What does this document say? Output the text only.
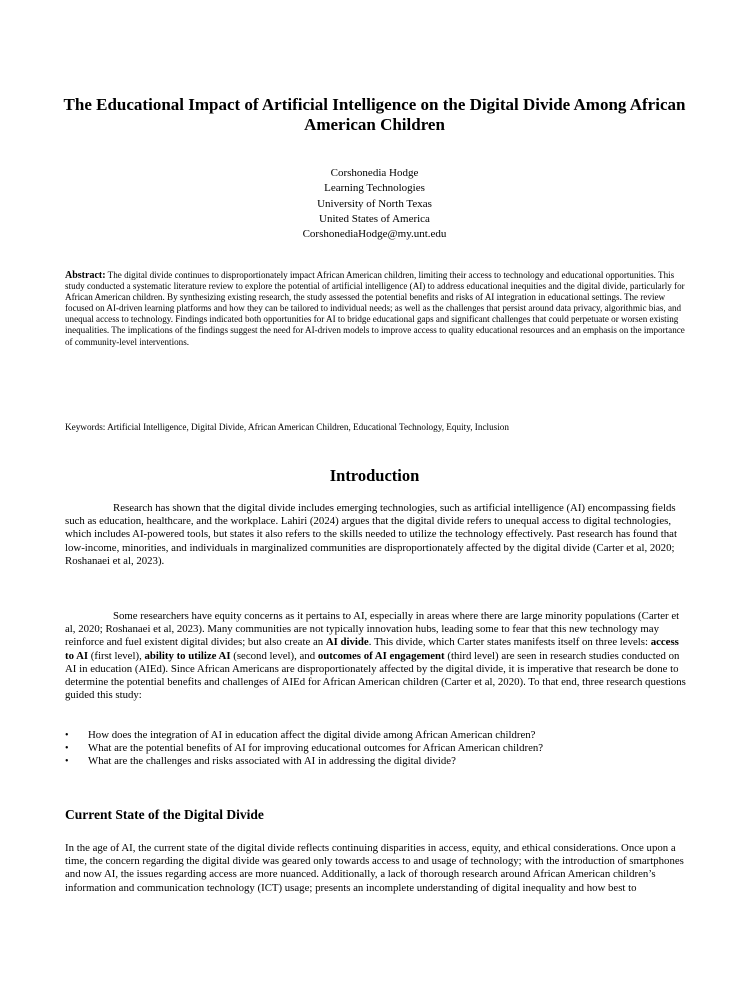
The Educational Impact of Artificial Intelligence on the Digital Divide Among African American Children
Corshonedia Hodge
Learning Technologies
University of North Texas
United States of America
CorshonediaHodge@my.unt.edu
Abstract: The digital divide continues to disproportionately impact African American children, limiting their access to technology and educational opportunities. This study conducted a systematic literature review to explore the potential of artificial intelligence (AI) to address educational inequities and the digital divide, particularly for African American children. By synthesizing existing research, the study assessed the potential benefits and risks of AI integration in educational settings. The review focused on AI-driven learning platforms and how they can be tailored to individual needs; as well as the challenges that persist around data privacy, algorithmic bias, and unequal access to technology. Findings indicated both opportunities for AI to bridge educational gaps and significant challenges that could perpetuate or worsen existing inequalities. The implications of the findings suggest the need for AI-driven models to improve access to quality educational resources and an emphasis on the importance of community-level interventions.
Keywords: Artificial Intelligence, Digital Divide, African American Children, Educational Technology, Equity, Inclusion
Introduction
Research has shown that the digital divide includes emerging technologies, such as artificial intelligence (AI) encompassing fields such as education, healthcare, and the workplace. Lahiri (2024) argues that the digital divide refers to unequal access to digital technologies, which includes AI-powered tools, but states it also refers to the skills needed to utilize the technology effectively. Past research has found that low-income, minorities, and individuals in marginalized communities are disproportionately affected by the digital divide (Carter et al, 2020; Roshanaei et al, 2023).
Some researchers have equity concerns as it pertains to AI, especially in areas where there are large minority populations (Carter et al, 2020; Roshanaei et al, 2023). Many communities are not typically innovation hubs, leading some to fear that this new technology may reinforce and fuel existent digital divides; but also create an AI divide. This divide, which Carter states manifests itself on three levels: access to AI (first level), ability to utilize AI (second level), and outcomes of AI engagement (third level) are seen in research studies conducted on AI in education (AIEd). Since African Americans are disproportionately affected by the digital divide, it is imperative that research be done to determine the potential benefits and challenges of AIEd for African American children (Carter et al, 2020). To that end, three research questions guided this study:
• How does the integration of AI in education affect the digital divide among African American children?
• What are the potential benefits of AI for improving educational outcomes for African American children?
• What are the challenges and risks associated with AI in addressing the digital divide?
Current State of the Digital Divide
In the age of AI, the current state of the digital divide reflects continuing disparities in access, equity, and ethical considerations. Once upon a time, the concern regarding the digital divide was geared only towards access to and usage of technology; with the introduction of smartphones and now AI, the issues regarding access are more nuanced. Additionally, a lack of thorough research around African American children’s information and communication technology (ICT) usage; presents an incomplete understanding of digital inequality and how best to
